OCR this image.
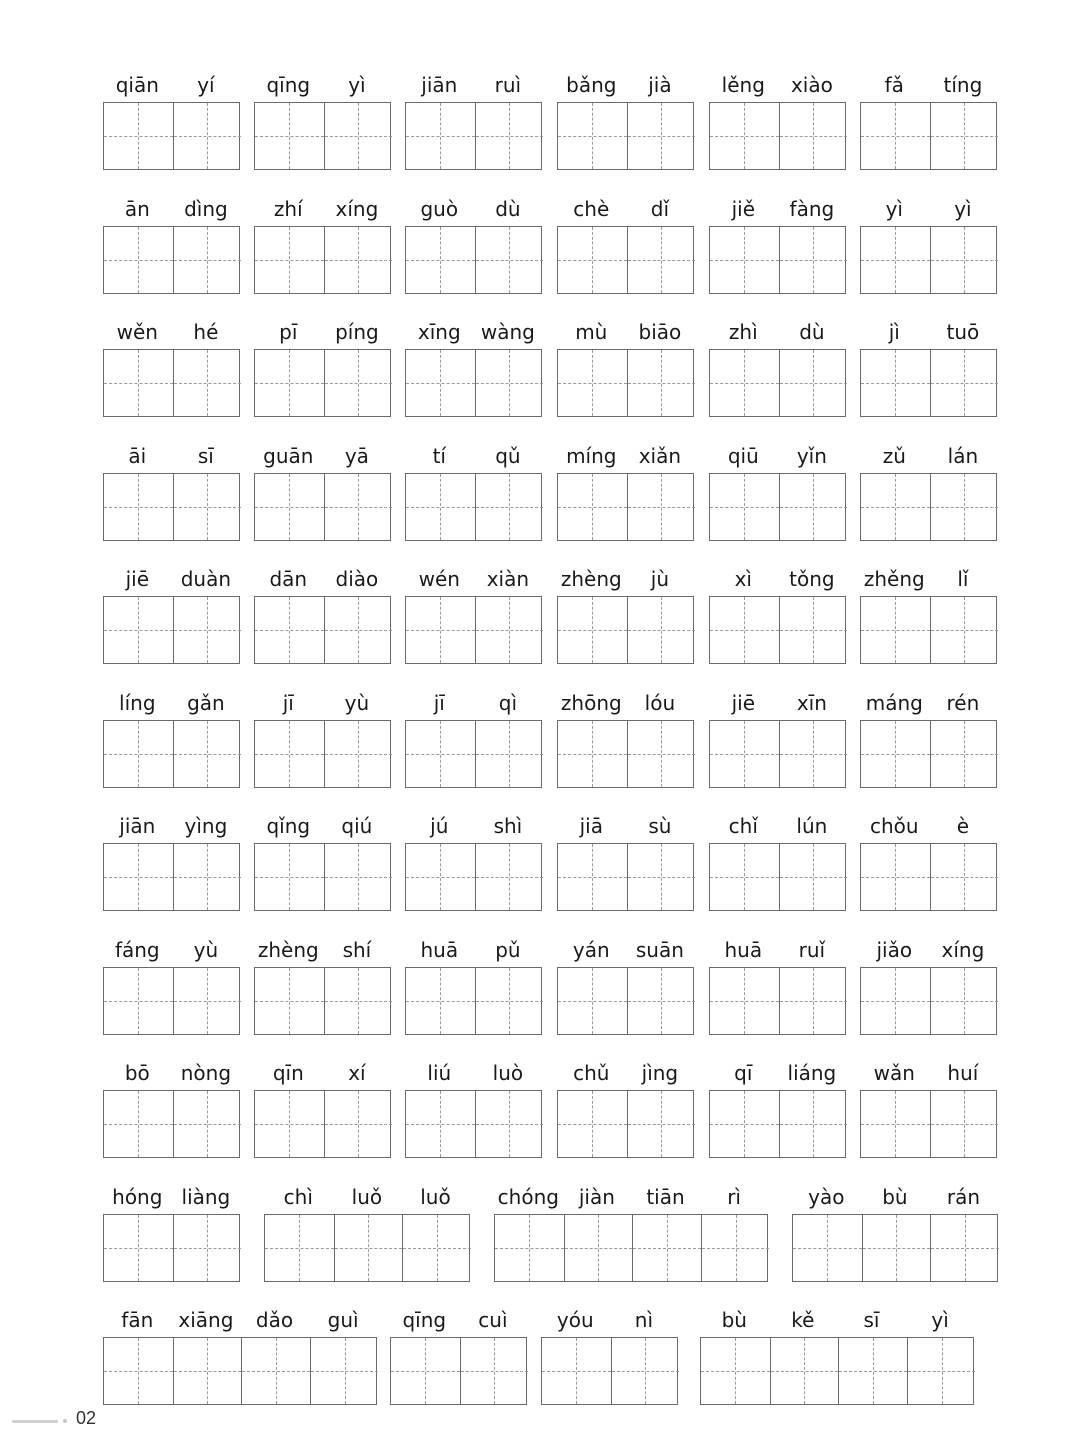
qiān	yí	qīng	yì	jiān	ruì	bǎng	jià	lěng	xiào	fǎ	tíng
ān	dìng	zhí	xíng	guò	dù	chè	dǐ	jiě	fàng	yì	yì
wěn	hé	pī	píng	xīng	wàng	mù	biāo	zhì	dù	jì	tuō
āi	sī	guān	yā	tí	qǔ	míng	xiǎn	qiū	yǐn	zǔ	lán
jiē	duàn	dān	diào	wén	xiàn	zhèng	jù	xì	tǒng	zhěng	lǐ
líng	gǎn	jī	yù	jī	qì	zhōng	lóu	jiē	xīn	máng	rén
jiān	yìng	qǐng	qiú	jú	shì	jiā	sù	chǐ	lún	chǒu	è
fáng	yù	zhèng	shí	huā	pǔ	yán	suān	huā	ruǐ	jiǎo	xíng
bō	nòng	qīn	xí	liú	luò	chǔ	jìng	qī	liáng	wǎn	huí
hóng liàng	chì	luǒ	luǒ	chóng jiàn	tiān	rì	yào	bù	rán
fān	xiāng	dǎo	guì	qīng	cuì	yóu	nì	bù	kě	sī	yì
02
